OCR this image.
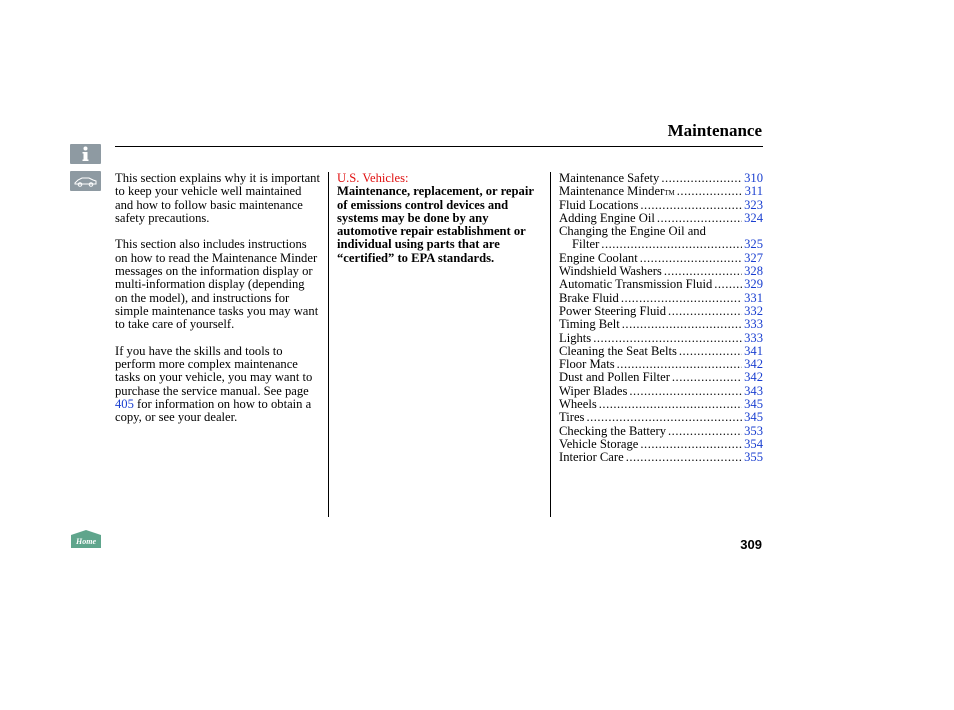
Maintenance

This section explains why it is important to keep your vehicle well maintained and how to follow basic maintenance safety precautions.

This section also includes instructions on how to read the Maintenance Minder messages on the information display or multi-information display (depending on the model), and instructions for simple maintenance tasks you may want to take care of yourself.

If you have the skills and tools to perform more complex maintenance tasks on your vehicle, you may want to purchase the service manual. See page 405 for information on how to obtain a copy, or see your dealer.

U.S. Vehicles:
Maintenance, replacement, or repair of emissions control devices and systems may be done by any automotive repair establishment or individual using parts that are “certified” to EPA standards.
Maintenance Safety .....	310
Maintenance Minder TM .....	311
Fluid Locations .....	323
Adding Engine Oil .....	324
Changing the Engine Oil and
Filter .....	325
Engine Coolant .....	327
Windshield Washers .....	328
Automatic Transmission Fluid .....	329
Brake Fluid .....	331
Power Steering Fluid .....	332
Timing Belt .....	333
Lights .....	333
Cleaning the Seat Belts .....	341
Floor Mats .....	342
Dust and Pollen Filter .....	342
Wiper Blades .....	343
Wheels .....	345
Tires .....	345
Checking the Battery .....	353
Vehicle Storage .....	354
Interior Care .....	355
Home	309
